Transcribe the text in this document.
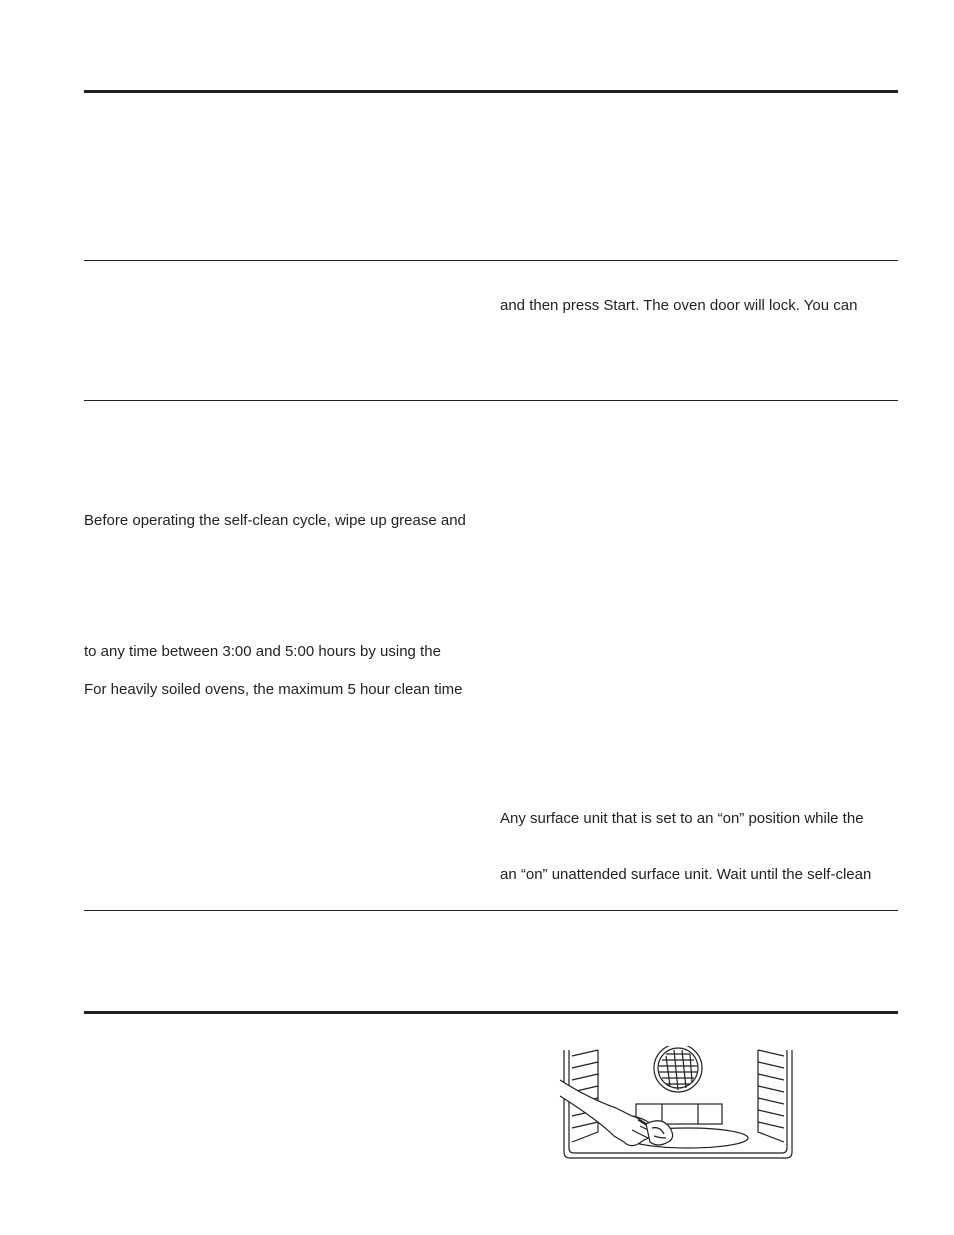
and then press Start. The oven door will lock. You can
Any surface unit that is set to an “on” position while the
an “on” unattended surface unit. Wait until the self-clean
Before operating the self-clean cycle, wipe up grease and
to any time between 3:00 and 5:00 hours by using the
For heavily soiled ovens, the maximum 5 hour clean time
